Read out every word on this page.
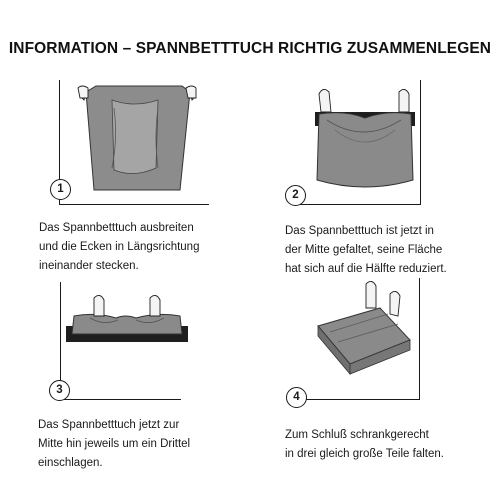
INFORMATION – SPANNBETTTUCH RICHTIG ZUSAMMENLEGEN
1
Das Spannbetttuch ausbreiten
und die Ecken in Längsrichtung
ineinander stecken.
2
Das Spannbetttuch ist jetzt in
der Mitte gefaltet, seine Fläche
hat sich auf die Hälfte reduziert.
3
Das Spannbetttuch jetzt zur
Mitte hin jeweils um ein Drittel
einschlagen.
4
Zum Schluß schrankgerecht
in drei gleich große Teile falten.
